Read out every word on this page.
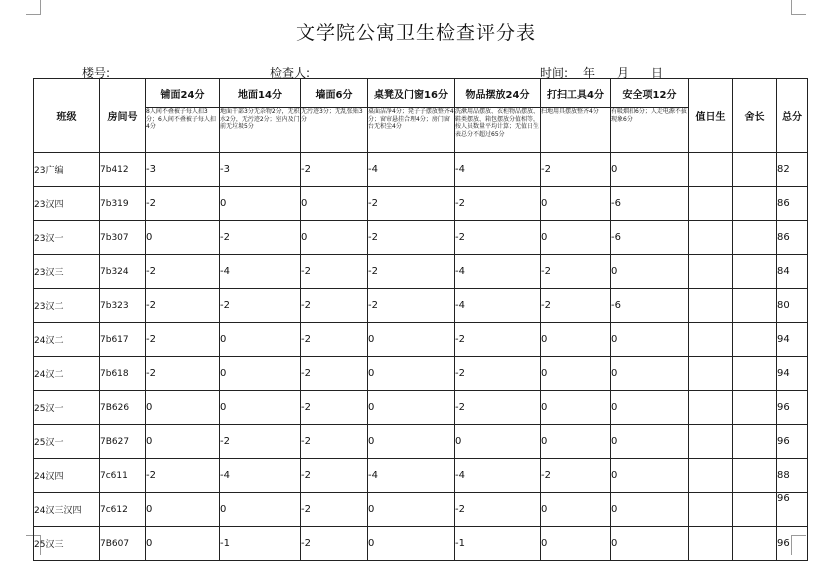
文学院公寓卫生检查评分表
楼号:	检查人:	时间: 年 月 日
班级	房间号	铺面24分	地面14分	墙面6分	桌凳及门窗16分	物品摆放24分	打扫工具4分	安全项12分	值日生	舍长	总分
		8人间不叠被子每人扣3分；6人间不叠被子每人扣4分	地面干部3分无杂物2分，无积水2分，无污迹2分；室内及门前无垃圾5分	无污迹3分；无乱张贴3分	桌面洁净4分；凳子子摆放整齐4分；窗帘悬挂合理4分；房门窗台无积尘4分	洗漱用品摆放、衣柜物品摆放、鞋类摆放、箱包摆放分值相等，按人员数量平均计算；无值日生表总分不超过65分	扫地用具摆放整齐4分	有吸烟扣6分；人走电源不拔现象6分			
23广编	7b412	-3	-3	-2	-4	-4	-2	0			82
23汉四	7b319	-2	0	0	-2	-2	0	-6			86
23汉一	7b307	0	-2	0	-2	-2	0	-6			86
23汉三	7b324	-2	-4	-2	-2	-4	-2	0			84
23汉二	7b323	-2	-2	-2	-2	-4	-2	-6			80
24汉二	7b617	-2	0	-2	0	-2	0	0			94
24汉二	7b618	-2	0	-2	0	-2	0	0			94
25汉一	7B626	0	0	-2	0	-2	0	0			96
25汉一	7B627	0	-2	-2	0	0	0	0			96
24汉四	7c611	-2	-4	-2	-4	-4	-2	0			88
24汉三汉四	7c612	0	0	-2	0	-2	0	0			96
25汉三	7B607	0	-1	-2	0	-1	0	0			96
